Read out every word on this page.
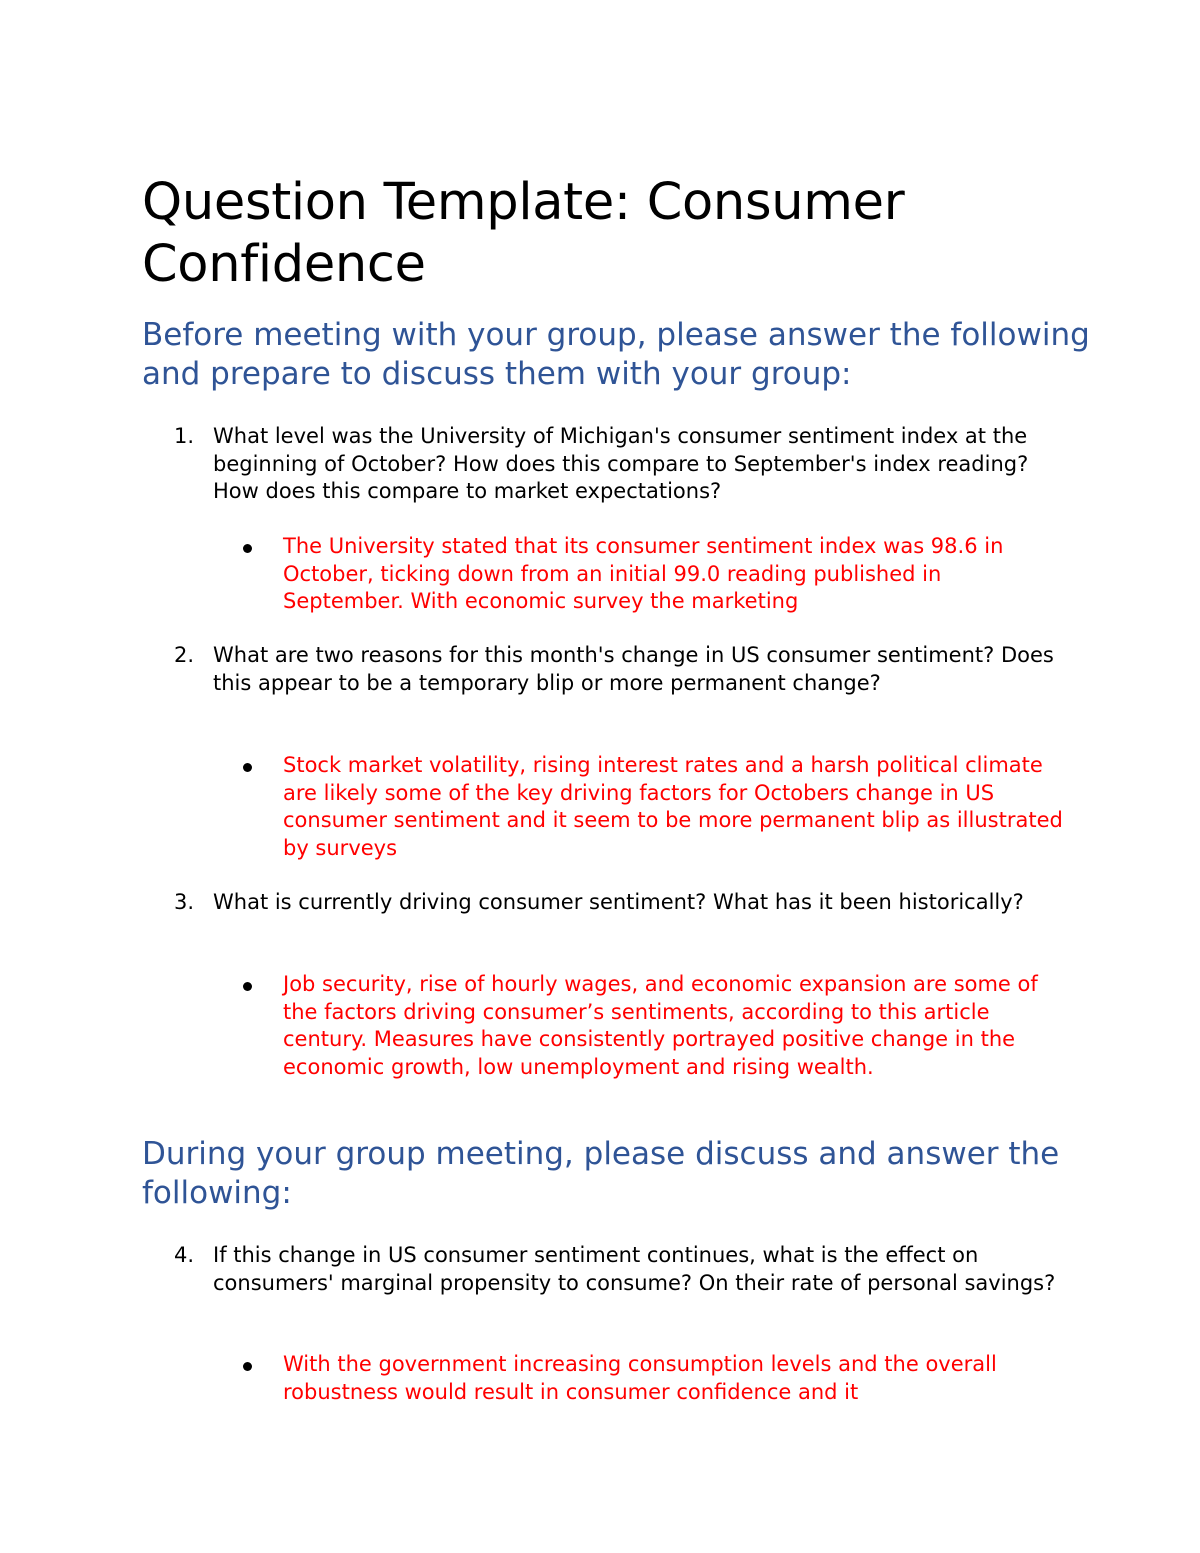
Question Template: Consumer Confidence
Before meeting with your group, please answer the following and prepare to discuss them with your group:
1. What level was the University of Michigan's consumer sentiment index at the beginning of October? How does this compare to September's index reading? How does this compare to market expectations?
The University stated that its consumer sentiment index was 98.6 in October, ticking down from an initial 99.0 reading published in September. With economic survey the marketing
2. What are two reasons for this month's change in US consumer sentiment? Does this appear to be a temporary blip or more permanent change?
Stock market volatility, rising interest rates and a harsh political climate are likely some of the key driving factors for Octobers change in US consumer sentiment and it seem to be more permanent blip as illustrated by surveys
3. What is currently driving consumer sentiment? What has it been historically?
Job security, rise of hourly wages, and economic expansion are some of the factors driving consumer’s sentiments, according to this article century. Measures have consistently portrayed positive change in the economic growth, low unemployment and rising wealth.
During your group meeting, please discuss and answer the following:
4. If this change in US consumer sentiment continues, what is the effect on consumers' marginal propensity to consume? On their rate of personal savings?
With the government increasing consumption levels and the overall robustness would result in consumer confidence and it
